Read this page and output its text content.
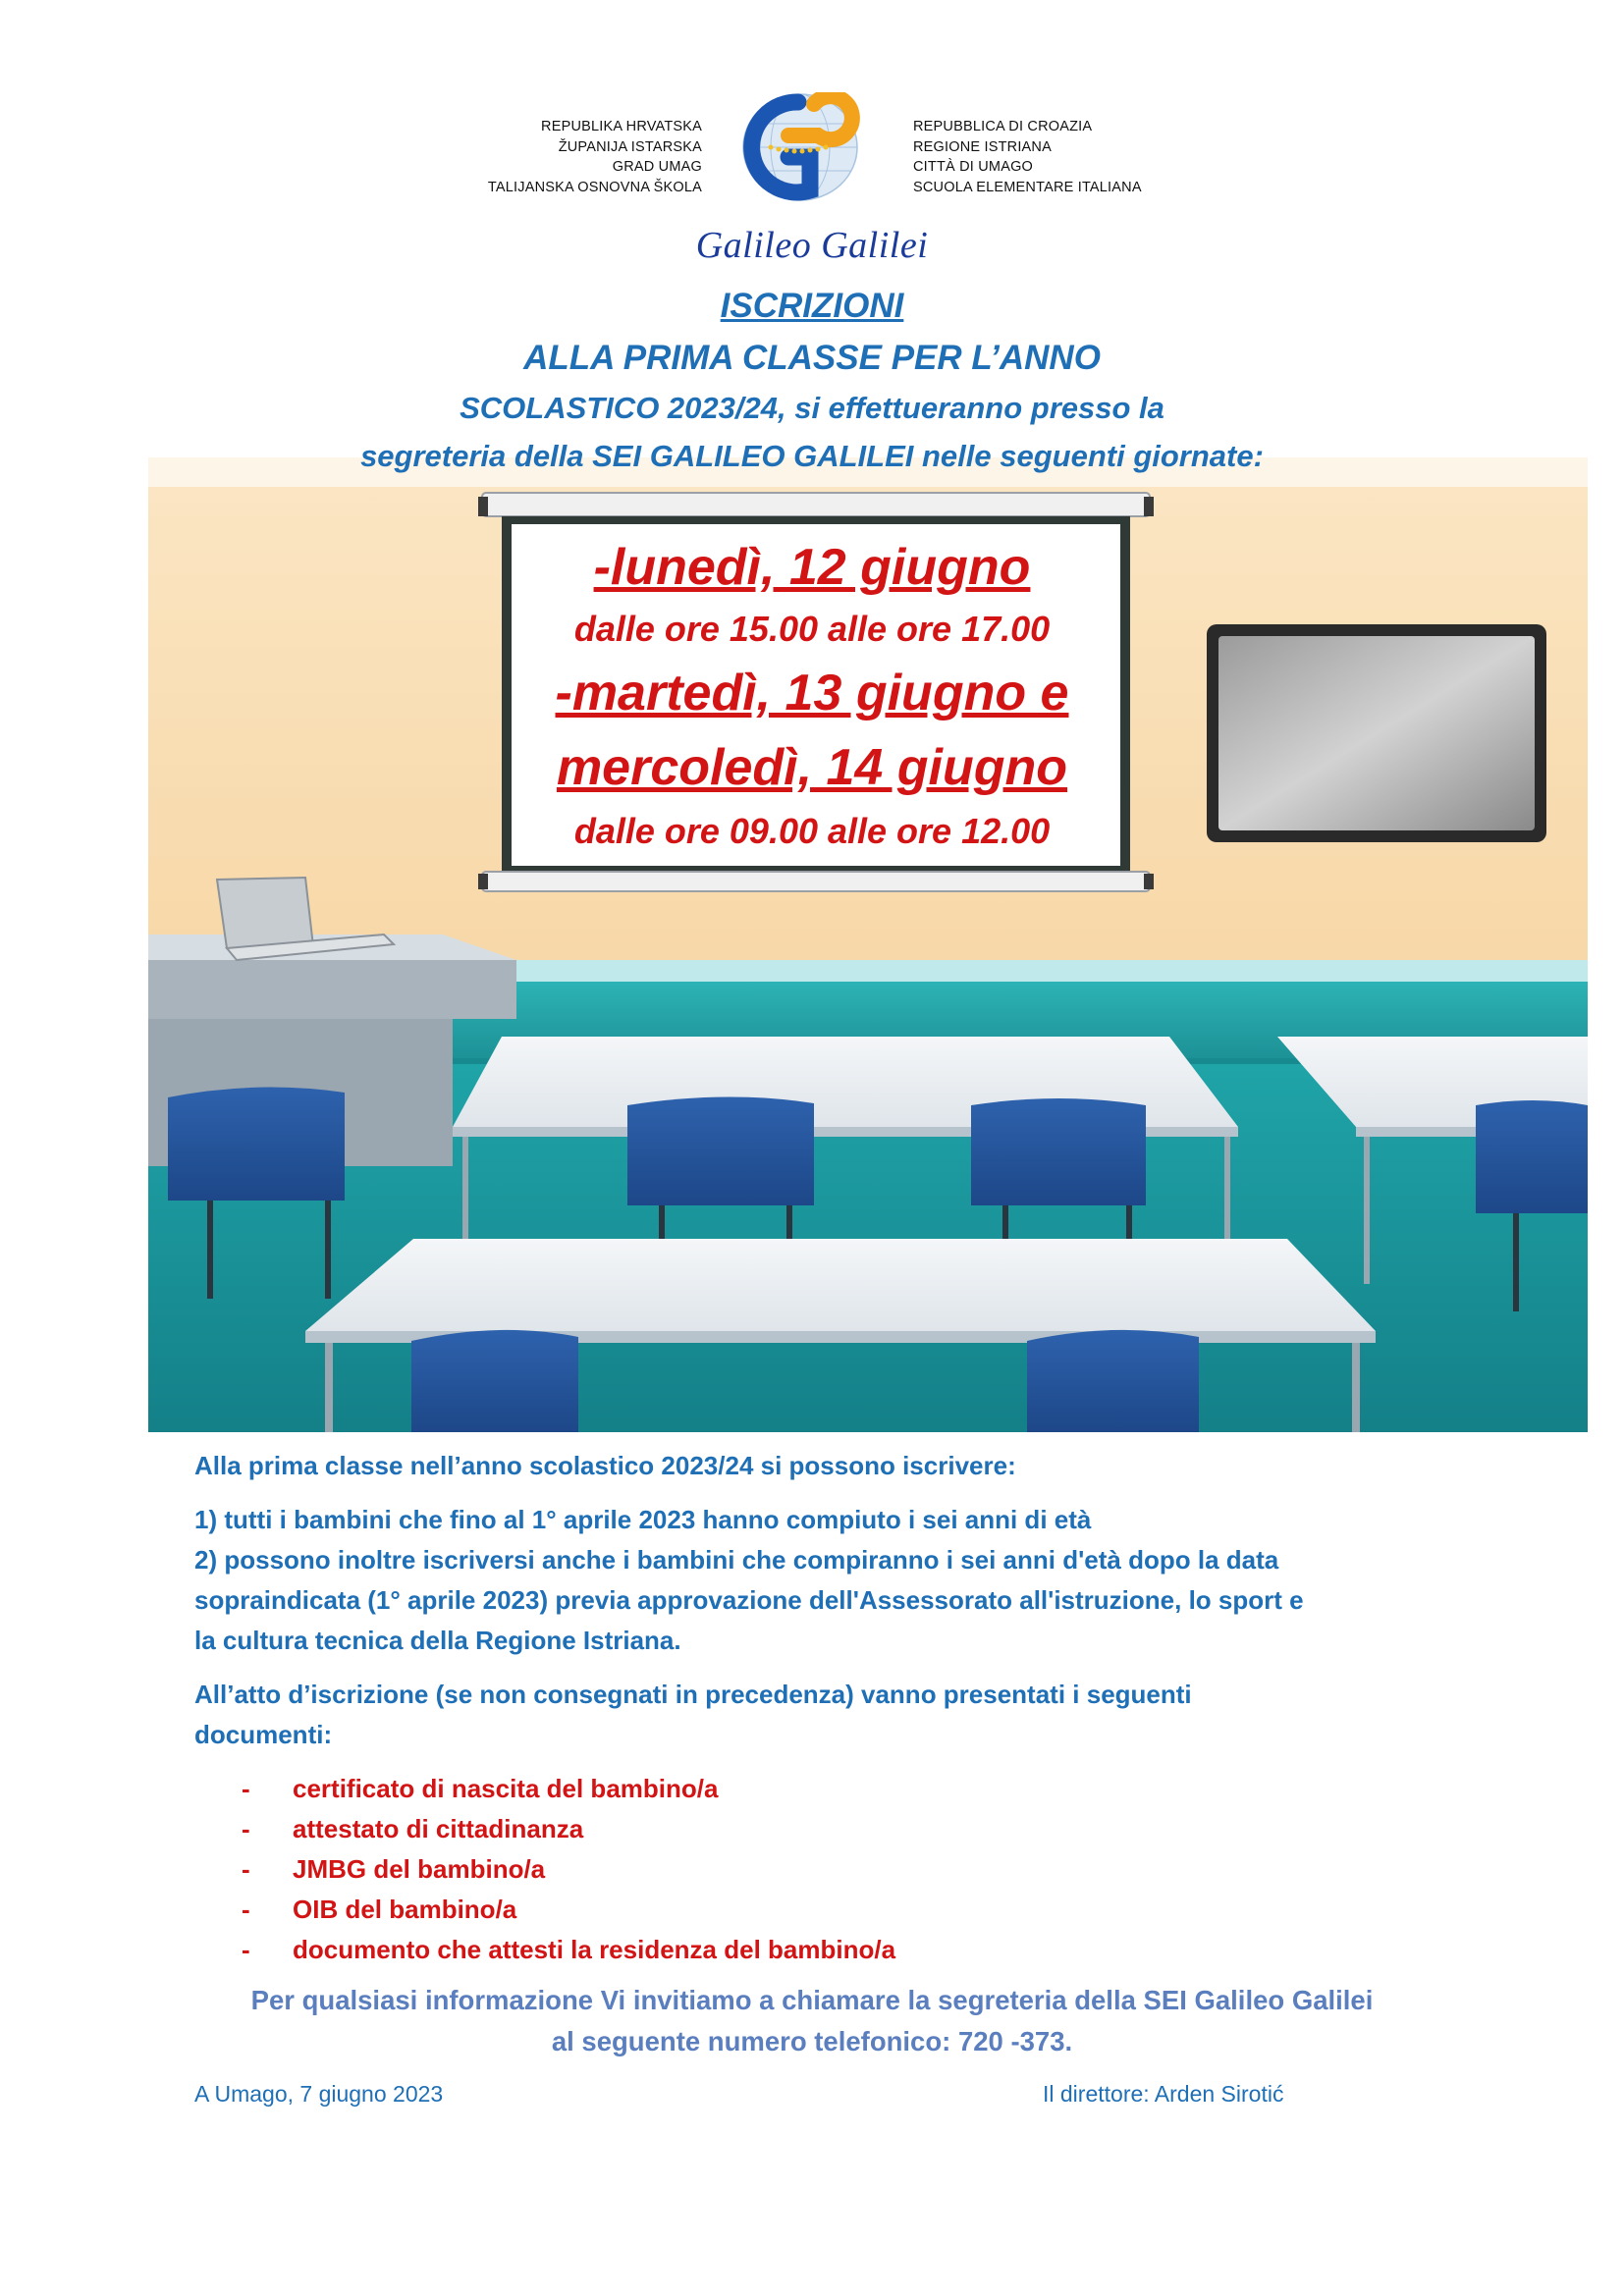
REPUBLIKA HRVATSKA
ŽUPANIJA ISTARSKA
GRAD UMAG
TALIJANSKA OSNOVNA ŠKOLA
REPUBBLICA DI CROAZIA
REGIONE ISTRIANA
CITTÀ DI UMAGO
SCUOLA ELEMENTARE ITALIANA
Galileo Galilei
ISCRIZIONI
ALLA PRIMA CLASSE PER L’ANNO
SCOLASTICO 2023/24, si effettueranno presso la
segreteria della SEI GALILEO GALILEI nelle seguenti giornate:
-lunedì, 12 giugno
dalle ore 15.00 alle ore 17.00
-martedì, 13 giugno e
mercoledì, 14 giugno
dalle ore 09.00 alle ore 12.00
Alla prima classe nell’anno scolastico 2023/24 si possono iscrivere:
1) tutti i bambini che fino al 1° aprile 2023 hanno compiuto i sei anni di età
2) possono inoltre iscriversi anche i bambini che compiranno i sei anni d'età dopo la data
sopraindicata (1° aprile 2023) previa approvazione dell'Assessorato all'istruzione, lo sport e
la cultura tecnica della Regione Istriana.
All’atto d’iscrizione (se non consegnati in precedenza) vanno presentati i seguenti
documenti:
-	certificato di nascita del bambino/a
-	attestato di cittadinanza
-	JMBG del bambino/a
-	OIB del bambino/a
-	documento che attesti la residenza del bambino/a
Per qualsiasi informazione Vi invitiamo a chiamare la segreteria della SEI Galileo Galilei
al seguente numero telefonico: 720 -373.
A Umago, 7 giugno 2023	Il direttore: Arden Sirotić
